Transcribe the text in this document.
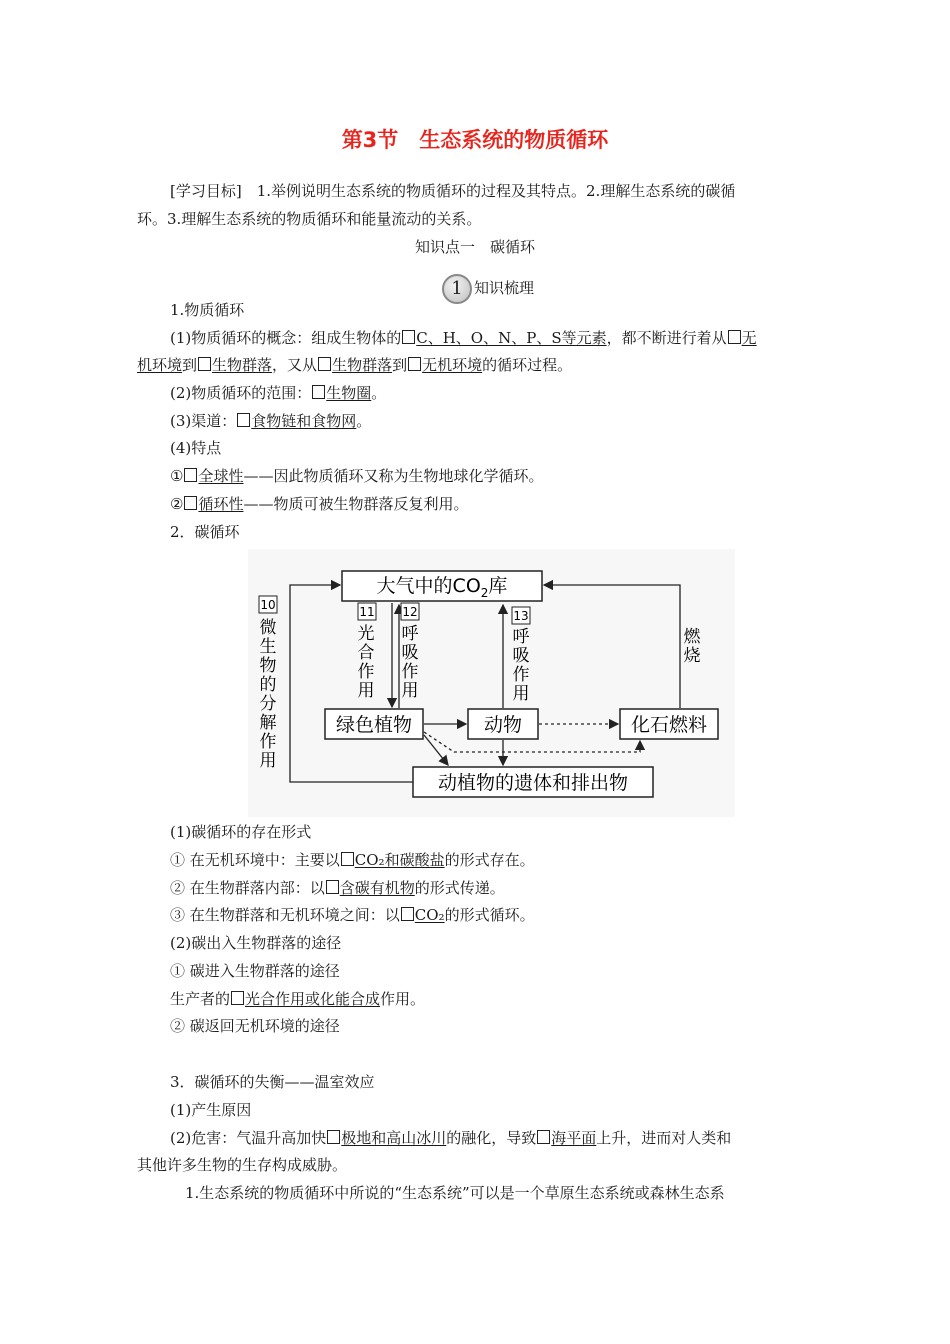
第3节　生态系统的物质循环
[学习目标]　1.举例说明生态系统的物质循环的过程及其特点。2.理解生态系统的碳循
环。3.理解生态系统的物质循环和能量流动的关系。
知识点一　碳循环
1 知识梳理
1.物质循环
(1)物质循环的概念：组成生物体的 C、H、O、N、P、S等元素，都不断进行着从 无
机环境到 生物群落，又从 生物群落到 无机环境的循环过程。
(2)物质循环的范围： 生物圈。
(3)渠道： 食物链和食物网。
(4)特点
① 全球性——因此物质循环又称为生物地球化学循环。
② 循环性——物质可被生物群落反复利用。
2．碳循环
大气中的$CO_2$库
绿色植物	动物	化石燃料
动植物的遗体和排出物
10	11 12	13
微
生
物
的
分
解
作
用
光
合
作
用
呼
吸
作
用
呼
吸
作
用
燃
烧
(1)碳循环的存在形式
① 在无机环境中：主要以 CO₂和碳酸盐的形式存在。
② 在生物群落内部：以 含碳有机物的形式传递。
③ 在生物群落和无机环境之间：以 CO₂的形式循环。
(2)碳出入生物群落的途径
① 碳进入生物群落的途径
生产者的 光合作用或化能合成作用。
② 碳返回无机环境的途径
3．碳循环的失衡——温室效应
(1)产生原因
(2)危害：气温升高加快 极地和高山冰川的融化，导致 海平面上升，进而对人类和
其他许多生物的生存构成威胁。
1.生态系统的物质循环中所说的“生态系统”可以是一个草原生态系统或森林生态系
